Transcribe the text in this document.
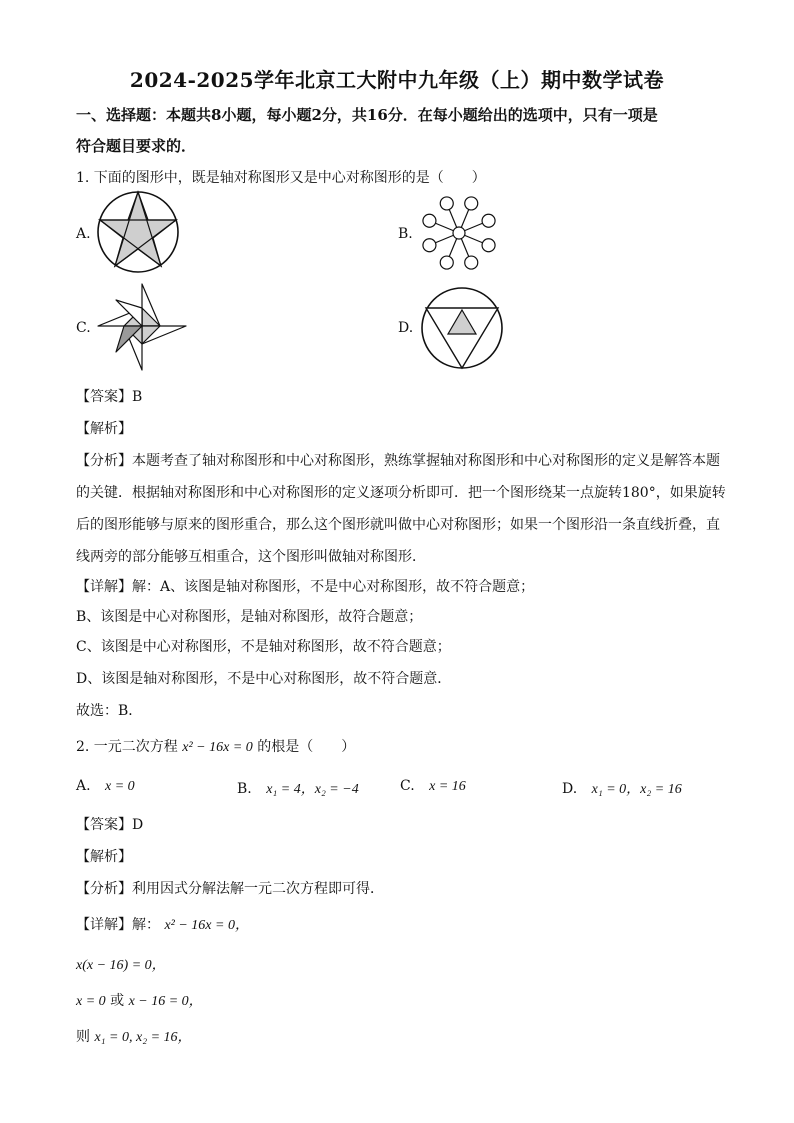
2024-2025学年北京工大附中九年级（上）期中数学试卷
一、选择题：本题共8小题，每小题2分，共16分．在每小题给出的选项中，只有一项是
符合题目要求的．
1. 下面的图形中，既是轴对称图形又是中心对称图形的是（　　）
A.	B.
C.	D.
【答案】B
【解析】
【分析】本题考查了轴对称图形和中心对称图形，熟练掌握轴对称图形和中心对称图形的定义是解答本题
的关键．根据轴对称图形和中心对称图形的定义逐项分析即可．把一个图形绕某一点旋转180°，如果旋转
后的图形能够与原来的图形重合，那么这个图形就叫做中心对称图形；如果一个图形沿一条直线折叠，直
线两旁的部分能够互相重合，这个图形叫做轴对称图形．
【详解】解：A、该图是轴对称图形，不是中心对称图形，故不符合题意；
B、该图是中心对称图形，是轴对称图形，故符合题意；
C、该图是中心对称图形，不是轴对称图形，故不符合题意；
D、该图是轴对称图形，不是中心对称图形，故不符合题意．
故选：B．
2. 一元二次方程 x² − 16x = 0 的根是（　　）
A. x = 0	B. x₁ = 4，x₂ = −4	C. x = 16	D. x₁ = 0，x₂ = 16
【答案】D
【解析】
【分析】利用因式分解法解一元二次方程即可得．
【详解】解： x² − 16x = 0，
x(x − 16) = 0，
x = 0 或 x − 16 = 0，
则 x₁ = 0, x₂ = 16，
